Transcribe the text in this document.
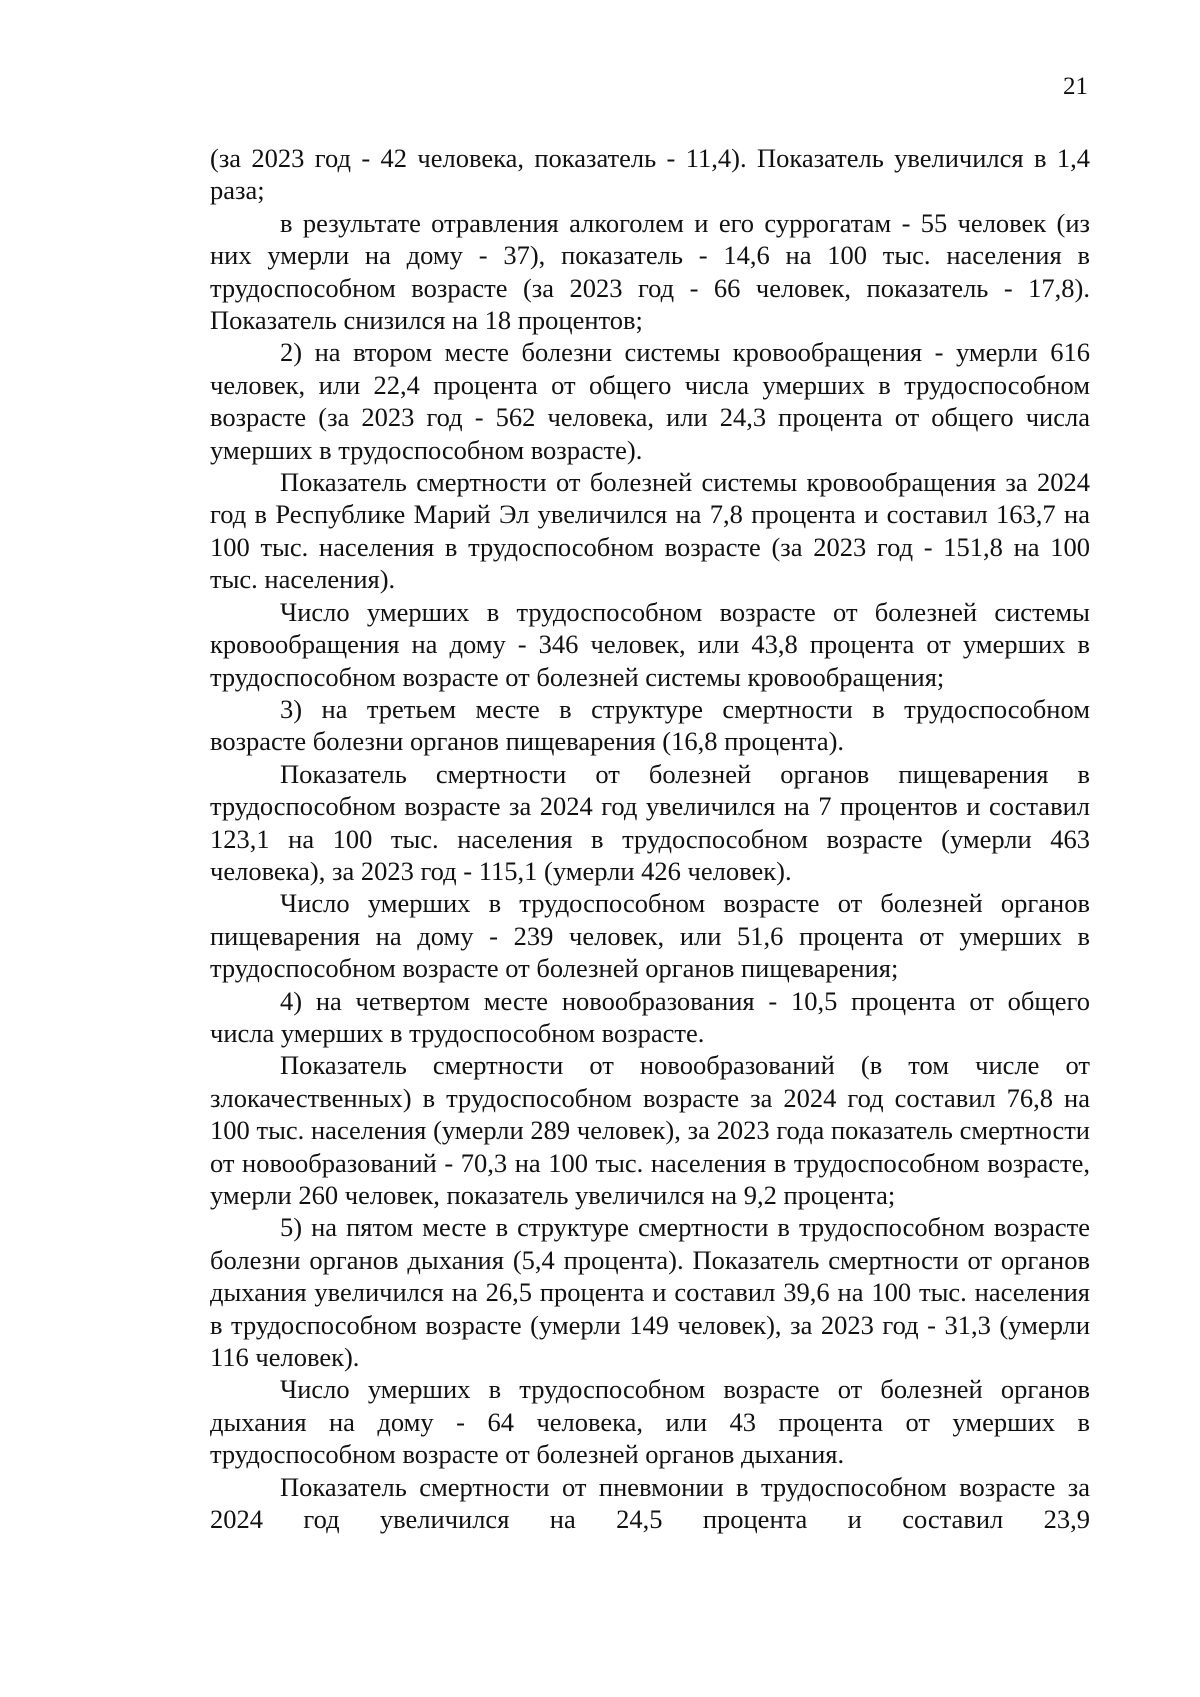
21

(за 2023 год - 42 человека, показатель - 11,4). Показатель увеличился в 1,4 раза;

в результате отравления алкоголем и его суррогатам - 55 человек (из них умерли на дому - 37), показатель - 14,6 на 100 тыс. населения в трудоспособном возрасте (за 2023 год - 66 человек, показатель - 17,8). Показатель снизился на 18 процентов;

2) на втором месте болезни системы кровообращения - умерли 616 человек, или 22,4 процента от общего числа умерших в трудоспособном возрасте (за 2023 год - 562 человека, или 24,3 процента от общего числа умерших в трудоспособном возрасте).

Показатель смертности от болезней системы кровообращения за 2024 год в Республике Марий Эл увеличился на 7,8 процента и составил 163,7 на 100 тыс. населения в трудоспособном возрасте (за 2023 год - 151,8 на 100 тыс. населения).

Число умерших в трудоспособном возрасте от болезней системы кровообращения на дому - 346 человек, или 43,8 процента от умерших в трудоспособном возрасте от болезней системы кровообращения;

3) на третьем месте в структуре смертности в трудоспособном возрасте болезни органов пищеварения (16,8 процента).

Показатель смертности от болезней органов пищеварения в трудоспособном возрасте за 2024 год увеличился на 7 процентов и составил 123,1 на 100 тыс. населения в трудоспособном возрасте (умерли 463 человека), за 2023 год - 115,1 (умерли 426 человек).

Число умерших в трудоспособном возрасте от болезней органов пищеварения на дому - 239 человек, или 51,6 процента от умерших в трудоспособном возрасте от болезней органов пищеварения;

4) на четвертом месте новообразования - 10,5 процента от общего числа умерших в трудоспособном возрасте.

Показатель смертности от новообразований (в том числе от злокачественных) в трудоспособном возрасте за 2024 год составил 76,8 на 100 тыс. населения (умерли 289 человек), за 2023 года показатель смертности от новообразований - 70,3 на 100 тыс. населения в трудоспособном возрасте, умерли 260 человек, показатель увеличился на 9,2 процента;

5) на пятом месте в структуре смертности в трудоспособном возрасте болезни органов дыхания (5,4 процента). Показатель смертности от органов дыхания увеличился на 26,5 процента и составил 39,6 на 100 тыс. населения в трудоспособном возрасте (умерли 149 человек), за 2023 год - 31,3 (умерли 116 человек).

Число умерших в трудоспособном возрасте от болезней органов дыхания на дому - 64 человека, или 43 процента от умерших в трудоспособном возрасте от болезней органов дыхания.

Показатель смертности от пневмонии в трудоспособном возрасте за 2024 год увеличился на 24,5 процента и составил 23,9
